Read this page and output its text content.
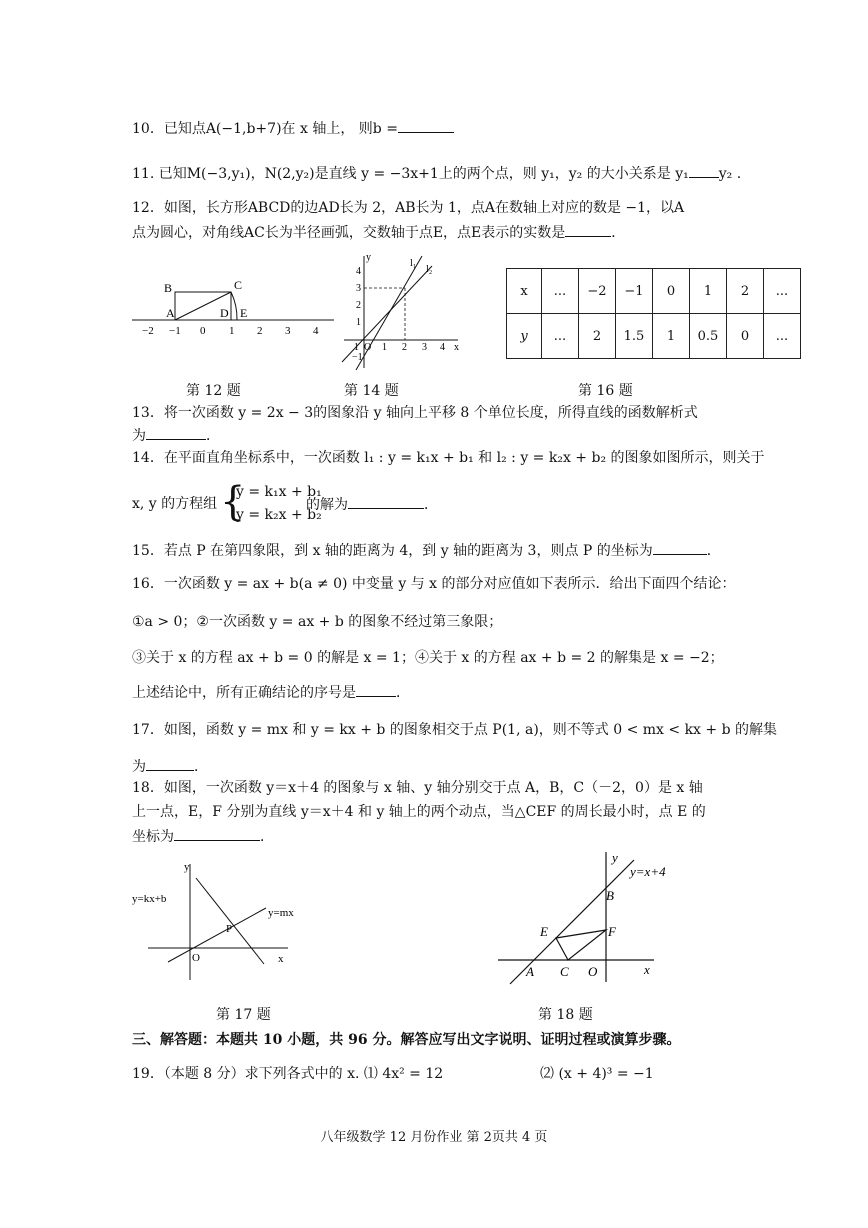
10．已知点A(−1,b+7)在 x 轴上， 则b =
11. 已知M(−3,y₁)，N(2,y₂)是直线 y = −3x+1上的两个点，则 y₁，y₂ 的大小关系是 y₁ y₂ .
12．如图，长方形ABCD的边AD长为 2，AB长为 1，点A在数轴上对应的数是 −1，以A
点为圆心，对角线AC长为半径画弧，交数轴于点E，点E表示的实数是	．
B	C
A	D E
−2 −1 0 1 2 3 4
第 12 题
y
x
l₁
l₂
4
3
2
1
1 O 1 2 3 4
−1
第 14 题
x	...	−2	−1	0	1	2	...
y	...	2	1.5	1	0.5	0	...
第 16 题
13．将一次函数 y = 2x − 3的图象沿 y 轴向上平移 8 个单位长度，所得直线的函数解析式
为	．
14．在平面直角坐标系中，一次函数 l₁ : y = k₁x + b₁ 和 l₂ : y = k₂x + b₂ 的图象如图所示，则关于
x, y 的方程组 {
y = k₁x + b₁
y = k₂x + b₂
的解为	．
15．若点 P 在第四象限，到 x 轴的距离为 4，到 y 轴的距离为 3，则点 P 的坐标为	．
16．一次函数 y = ax + b(a ≠ 0) 中变量 y 与 x 的部分对应值如下表所示．给出下面四个结论：
①a > 0；②一次函数 y = ax + b 的图象不经过第三象限；
③关于 x 的方程 ax + b = 0 的解是 x = 1；④关于 x 的方程 ax + b = 2 的解集是 x = −2；
上述结论中，所有正确结论的序号是	．
17．如图，函数 y = mx 和 y = kx + b 的图象相交于点 P(1, a)，则不等式 0 < mx < kx + b 的解集
为	．
18．如图，一次函数 y＝x＋4 的图象与 x 轴、y 轴分别交于点 A，B，C（－2，0）是 x 轴
上一点，E，F 分别为直线 y＝x＋4 和 y 轴上的两个动点，当△CEF 的周长最小时，点 E 的
坐标为	．
y
x
O
P
y=kx+b
y=mx
第 17 题
y
x
y=x+4
B
F
E
A C O
第 18 题
三、解答题：本题共 10 小题，共 96 分。解答应写出文字说明、证明过程或演算步骤。
19．（本题 8 分）求下列各式中的 x. ⑴ 4x² = 12	⑵ (x + 4)³ = −1
八年级数学 12 月份作业 第 2页共 4 页
